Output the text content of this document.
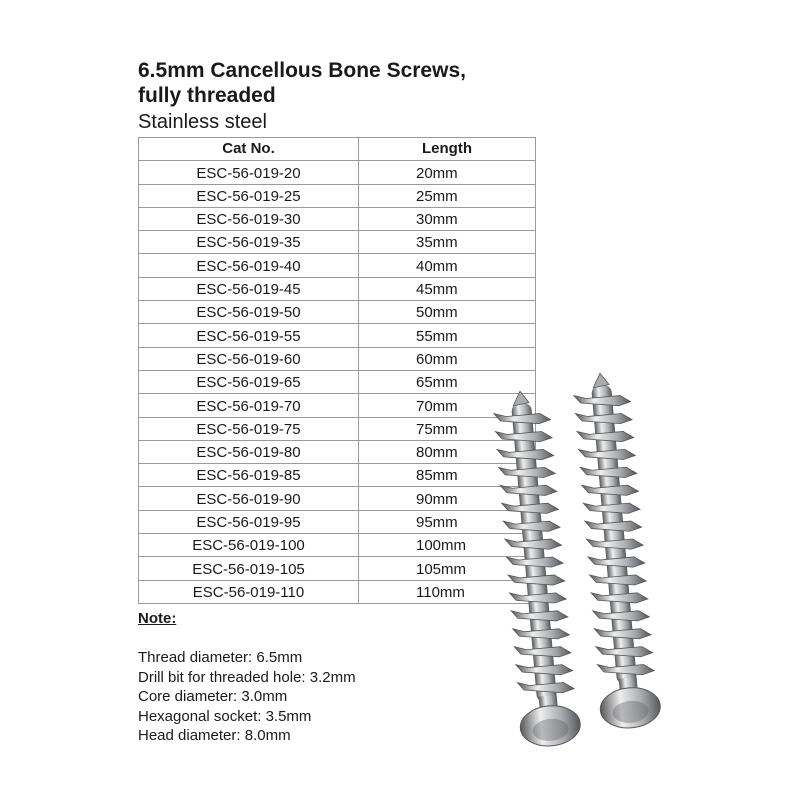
6.5mm Cancellous Bone Screws,
fully threaded

Stainless steel

Cat No.	Length
ESC-56-019-20	20mm
ESC-56-019-25	25mm
ESC-56-019-30	30mm
ESC-56-019-35	35mm
ESC-56-019-40	40mm
ESC-56-019-45	45mm
ESC-56-019-50	50mm
ESC-56-019-55	55mm
ESC-56-019-60	60mm
ESC-56-019-65	65mm
ESC-56-019-70	70mm
ESC-56-019-75	75mm
ESC-56-019-80	80mm
ESC-56-019-85	85mm
ESC-56-019-90	90mm
ESC-56-019-95	95mm
ESC-56-019-100	100mm
ESC-56-019-105	105mm
ESC-56-019-110	110mm

Note:

Thread diameter: 6.5mm
Drill bit for threaded hole: 3.2mm
Core diameter: 3.0mm
Hexagonal socket: 3.5mm
Head diameter: 8.0mm
